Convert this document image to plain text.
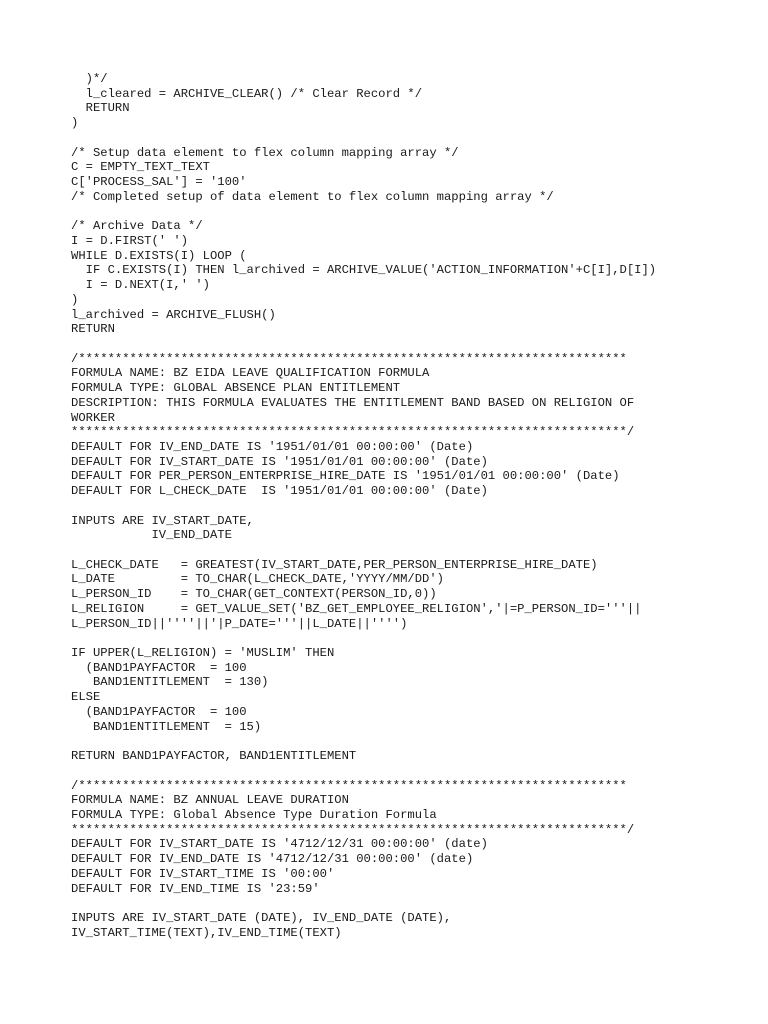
)*/
l_cleared = ARCHIVE_CLEAR() /* Clear Record */
RETURN
)
/* Setup data element to flex column mapping array */
C = EMPTY_TEXT_TEXT
C['PROCESS_SAL'] = '100'
/* Completed setup of data element to flex column mapping array */
/* Archive Data */
I = D.FIRST(' ')
WHILE D.EXISTS(I) LOOP (
IF C.EXISTS(I) THEN l_archived = ARCHIVE_VALUE('ACTION_INFORMATION'+C[I],D[I])
I = D.NEXT(I,' ')
)
l_archived = ARCHIVE_FLUSH()
RETURN
/***************************************************************************
FORMULA NAME: BZ EIDA LEAVE QUALIFICATION FORMULA
FORMULA TYPE: GLOBAL ABSENCE PLAN ENTITLEMENT
DESCRIPTION: THIS FORMULA EVALUATES THE ENTITLEMENT BAND BASED ON RELIGION OF
WORKER
****************************************************************************/
DEFAULT FOR IV_END_DATE IS '1951/01/01 00:00:00' (Date)
DEFAULT FOR IV_START_DATE IS '1951/01/01 00:00:00' (Date)
DEFAULT FOR PER_PERSON_ENTERPRISE_HIRE_DATE IS '1951/01/01 00:00:00' (Date)
DEFAULT FOR L_CHECK_DATE  IS '1951/01/01 00:00:00' (Date)
INPUTS ARE IV_START_DATE,
IV_END_DATE
L_CHECK_DATE   = GREATEST(IV_START_DATE,PER_PERSON_ENTERPRISE_HIRE_DATE)
L_DATE         = TO_CHAR(L_CHECK_DATE,'YYYY/MM/DD')
L_PERSON_ID    = TO_CHAR(GET_CONTEXT(PERSON_ID,0))
L_RELIGION     = GET_VALUE_SET('BZ_GET_EMPLOYEE_RELIGION','|=P_PERSON_ID='''||
L_PERSON_ID||''''||'|P_DATE='''||L_DATE||'''')
IF UPPER(L_RELIGION) = 'MUSLIM' THEN
(BAND1PAYFACTOR  = 100
BAND1ENTITLEMENT  = 130)
ELSE
(BAND1PAYFACTOR  = 100
BAND1ENTITLEMENT  = 15)
RETURN BAND1PAYFACTOR, BAND1ENTITLEMENT
/***************************************************************************
FORMULA NAME: BZ ANNUAL LEAVE DURATION
FORMULA TYPE: Global Absence Type Duration Formula
****************************************************************************/
DEFAULT FOR IV_START_DATE IS '4712/12/31 00:00:00' (date)
DEFAULT FOR IV_END_DATE IS '4712/12/31 00:00:00' (date)
DEFAULT FOR IV_START_TIME IS '00:00'
DEFAULT FOR IV_END_TIME IS '23:59'
INPUTS ARE IV_START_DATE (DATE), IV_END_DATE (DATE),
IV_START_TIME(TEXT),IV_END_TIME(TEXT)
